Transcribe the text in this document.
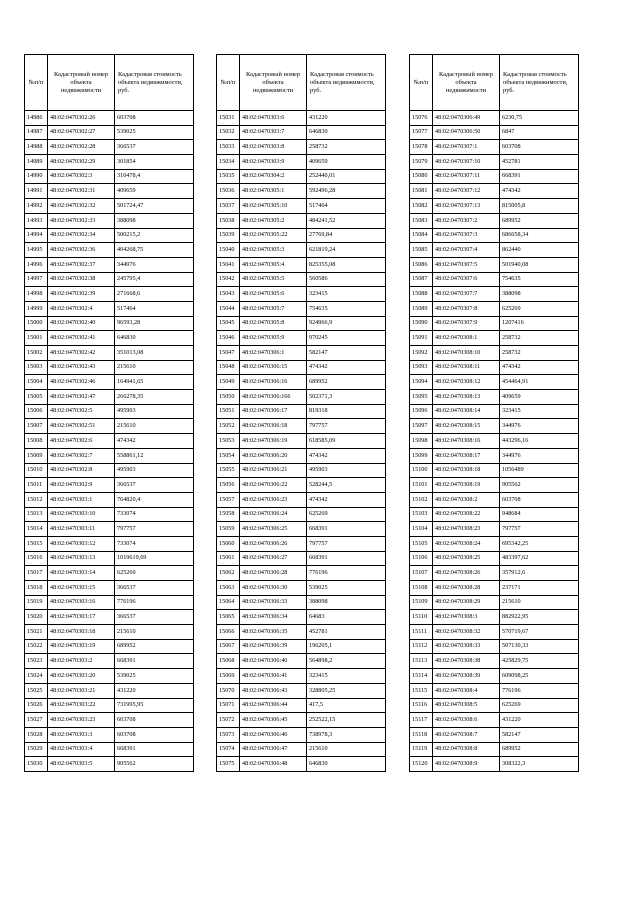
№п/п	Кадастровый номер объекта недвижимости	Кадастровая стоимость объекта недвижимости, руб.
14986	48:02:0470302:26	603708
14987	48:02:0470302:27	539025
14988	48:02:0470302:28	366537
14989	48:02:0470302:29	301854
14990	48:02:0470302:3	310478,4
14991	48:02:0470302:31	409659
14992	48:02:0470302:32	501724,47
14993	48:02:0470302:33	388098
14994	48:02:0470302:34	500215,2
14995	48:02:0470302:36	404268,75
14996	48:02:0470302:37	344976
14997	48:02:0470302:38	245795,4
14998	48:02:0470302:39	271668,6
14999	48:02:0470302:4	517464
15000	48:02:0470302:40	96593,28
15001	48:02:0470302:41	646830
15002	48:02:0470302:42	351013,08
15003	48:02:0470302:43	215610
15004	48:02:0470302:46	164941,65
15005	48:02:0470302:47	266278,35
15006	48:02:0470302:5	495903
15007	48:02:0470302:51	215610
15008	48:02:0470302:6	474342
15009	48:02:0470302:7	558861,12
15010	48:02:0470302:8	495903
15011	48:02:0470302:9	366537
15012	48:02:0470303:1	764820,4
15013	48:02:0470303:10	733074
15014	48:02:0470303:11	797757
15015	48:02:0470303:12	733074
15016	48:02:0470303:13	1019619,69
15017	48:02:0470303:14	625269
15018	48:02:0470303:15	366537
15019	48:02:0470303:16	776196
15020	48:02:0470303:17	366537
15021	48:02:0470303:18	215610
15022	48:02:0470303:19	689952
15023	48:02:0470303:2	668391
15024	48:02:0470303:20	539025
15025	48:02:0470303:21	431220
15026	48:02:0470303:22	731995,95
15027	48:02:0470303:23	603708
15028	48:02:0470303:3	603708
15029	48:02:0470303:4	668391
15030	48:02:0470303:5	905562
№п/п	Кадастровый номер объекта недвижимости	Кадастровая стоимость объекта недвижимости, руб.
15031	48:02:0470303:6	431220
15032	48:02:0470303:7	646830
15033	48:02:0470303:8	258732
15034	48:02:0470303:9	409659
15035	48:02:0470304:2	252440,01
15036	48:02:0470305:1	592496,28
15037	48:02:0470305:10	517464
15038	48:02:0470305:2	484241,52
15039	48:02:0470305:22	27769,84
15040	48:02:0470305:3	621819,24
15041	48:02:0470305:4	825355,08
15042	48:02:0470305:5	560586
15043	48:02:0470305:6	323415
15044	48:02:0470305:7	754635
15045	48:02:0470305:8	924966,9
15046	48:02:0470305:9	970245
15047	48:02:0470306:1	582147
15048	48:02:0470306:15	474342
15049	48:02:0470306:16	689952
15050	48:02:0470306:166	502371,3
15051	48:02:0470306:17	819318
15052	48:02:0470306:18	797757
15053	48:02:0470306:19	618585,09
15054	48:02:0470306:20	474342
15055	48:02:0470306:21	495903
15056	48:02:0470306:22	528244,5
15057	48:02:0470306:23	474342
15058	48:02:0470306:24	625269
15059	48:02:0470306:25	668391
15060	48:02:0470306:26	797757
15061	48:02:0470306:27	668391
15062	48:02:0470306:28	776196
15063	48:02:0470306:30	539025
15064	48:02:0470306:33	388098
15065	48:02:0470306:34	64683
15066	48:02:0470306:35	452781
15067	48:02:0470306:39	196205,1
15068	48:02:0470306:40	564898,2
15069	48:02:0470306:41	323415
15070	48:02:0470306:43	328805,25
15071	48:02:0470306:44	417,5
15072	48:02:0470306:45	252522,15
15073	48:02:0470306:46	738978,3
15074	48:02:0470306:47	215610
15075	48:02:0470306:48	646830
№п/п	Кадастровый номер объекта недвижимости	Кадастровая стоимость объекта недвижимости, руб.
15076	48:02:0470306:49	6230,75
15077	48:02:0470306:50	6847
15078	48:02:0470307:1	603708
15079	48:02:0470307:10	452781
15080	48:02:0470307:11	668391
15081	48:02:0470307:12	474342
15082	48:02:0470307:13	815005,8
15083	48:02:0470307:2	689952
15084	48:02:0470307:3	686658,34
15085	48:02:0470307:4	862440
15086	48:02:0470307:5	501940,08
15087	48:02:0470307:6	754635
15088	48:02:0470307:7	388098
15089	48:02:0470307:8	625269
15090	48:02:0470307:9	1207416
15091	48:02:0470308:1	258732
15092	48:02:0470308:10	258732
15093	48:02:0470308:11	474342
15094	48:02:0470308:12	454464,91
15095	48:02:0470308:13	409659
15096	48:02:0470308:14	323415
15097	48:02:0470308:15	344976
15098	48:02:0470308:16	443296,16
15099	48:02:0470308:17	344976
15100	48:02:0470308:18	1056489
15101	48:02:0470308:19	905562
15102	48:02:0470308:2	603708
15103	48:02:0470308:22	948684
15104	48:02:0470308:23	797757
15105	48:02:0470308:24	695342,25
15106	48:02:0470308:25	483397,62
15107	48:02:0470308:26	357912,6
15108	48:02:0470308:28	237171
15109	48:02:0470308:29	215610
15110	48:02:0470308:3	882922,95
15111	48:02:0470308:32	570719,67
15112	48:02:0470308:33	507130,33
15113	48:02:0470308:38	425829,75
15114	48:02:0470308:39	609098,25
15115	48:02:0470308:4	776196
15116	48:02:0470308:5	625269
15117	48:02:0470308:6	431220
15118	48:02:0470308:7	582147
15119	48:02:0470308:8	689952
15120	48:02:0470308:9	308322,3
